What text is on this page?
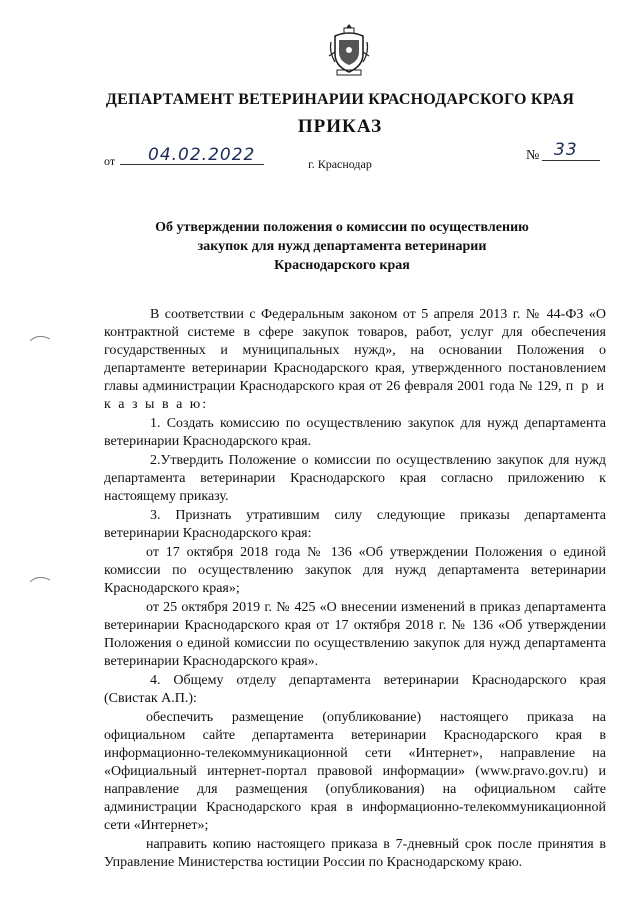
ДЕПАРТАМЕНТ ВЕТЕРИНАРИИ КРАСНОДАРСКОГО КРАЯ
ПРИКАЗ
от 04.02.2022	№ 33
г. Краснодар
Об утверждении положения о комиссии по осуществлению
закупок для нужд департамента ветеринарии
Краснодарского края

В соответствии с Федеральным законом от 5 апреля 2013 г. № 44-ФЗ «О контрактной системе в сфере закупок товаров, работ, услуг для обеспечения государственных и муниципальных нужд», на основании Положения о департаменте ветеринарии Краснодарского края, утвержденного постановлением главы администрации Краснодарского края от 26 февраля 2001 года № 129, п р и к а з ы в а ю:

1. Создать комиссию по осуществлению закупок для нужд департамента ветеринарии Краснодарского края.

2.Утвердить Положение о комиссии по осуществлению закупок для нужд департамента ветеринарии Краснодарского края согласно приложению к настоящему приказу.

3. Признать утратившим силу следующие приказы департамента ветеринарии Краснодарского края:

от 17 октября 2018 года № 136 «Об утверждении Положения о единой комиссии по осуществлению закупок для нужд департамента ветеринарии Краснодарского края»;

от 25 октября 2019 г. № 425 «О внесении изменений в приказ департамента ветеринарии Краснодарского края от 17 октября 2018 г. № 136 «Об утверждении Положения о единой комиссии по осуществлению закупок для нужд департамента ветеринарии Краснодарского края».

4. Общему отделу департамента ветеринарии Краснодарского края (Свистак А.П.):

обеспечить размещение (опубликование) настоящего приказа на официальном сайте департамента ветеринарии Краснодарского края в информационно-телекоммуникационной сети «Интернет», направление на «Официальный интернет-портал правовой информации» (www.pravo.gov.ru) и направление для размещения (опубликования) на официальном сайте администрации Краснодарского края в информационно-телекоммуникационной сети «Интернет»;

направить копию настоящего приказа в 7-дневный срок после принятия в Управление Министерства юстиции России по Краснодарскому краю.
